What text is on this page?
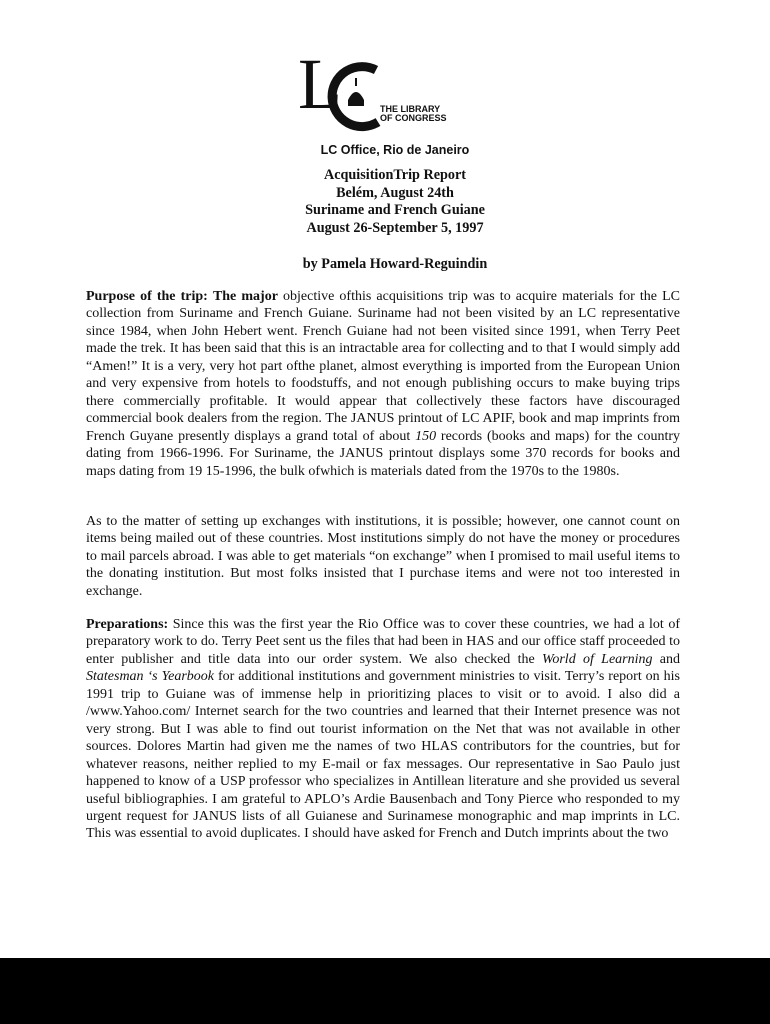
L	THE LIBRARY
OF CONGRESS
LC Office, Rio de Janeiro
AcquisitionTrip Report
Belém, August 24th
Suriname and French Guiane
August 26-September 5, 1997
by Pamela Howard-Reguindin
Purpose of the trip: The major objective ofthis acquisitions trip was to acquire materials for the LC collection from Suriname and French Guiane. Suriname had not been visited by an LC representative since 1984, when John Hebert went. French Guiane had not been visited since 1991, when Terry Peet made the trek. It has been said that this is an intractable area for collecting and to that I would simply add “Amen!” It is a very, very hot part ofthe planet, almost everything is imported from the European Union and very expensive from hotels to foodstuffs, and not enough publishing occurs to make buying trips there commercially profitable. It would appear that collectively these factors have discouraged commercial book dealers from the region. The JANUS printout of LC APIF, book and map imprints from French Guyane presently displays a grand total of about 150 records (books and maps) for the country dating from 1966-1996. For Suriname, the JANUS printout displays some 370 records for books and maps dating from 19 15-1996, the bulk ofwhich is materials dated from the 1970s to the 1980s.
As to the matter of setting up exchanges with institutions, it is possible; however, one cannot count on items being mailed out of these countries. Most institutions simply do not have the money or procedures to mail parcels abroad. I was able to get materials “on exchange” when I promised to mail useful items to the donating institution. But most folks insisted that I purchase items and were not too interested in exchange.
Preparations: Since this was the first year the Rio Office was to cover these countries, we had a lot of preparatory work to do. Terry Peet sent us the files that had been in HAS and our office staff proceeded to enter publisher and title data into our order system. We also checked the World of Learning and Statesman ‘s Yearbook for additional institutions and government ministries to visit. Terry’s report on his 1991 trip to Guiane was of immense help in prioritizing places to visit or to avoid. I also did a /www.Yahoo.com/ Internet search for the two countries and learned that their Internet presence was not very strong. But I was able to find out tourist information on the Net that was not available in other sources. Dolores Martin had given me the names of two HLAS contributors for the countries, but for whatever reasons, neither replied to my E-mail or fax messages. Our representative in Sao Paulo just happened to know of a USP professor who specializes in Antillean literature and she provided us several useful bibliographies. I am grateful to APLO’s Ardie Bausenbach and Tony Pierce who responded to my urgent request for JANUS lists of all Guianese and Surinamese monographic and map imprints in LC. This was essential to avoid duplicates. I should have asked for French and Dutch imprints about the two
